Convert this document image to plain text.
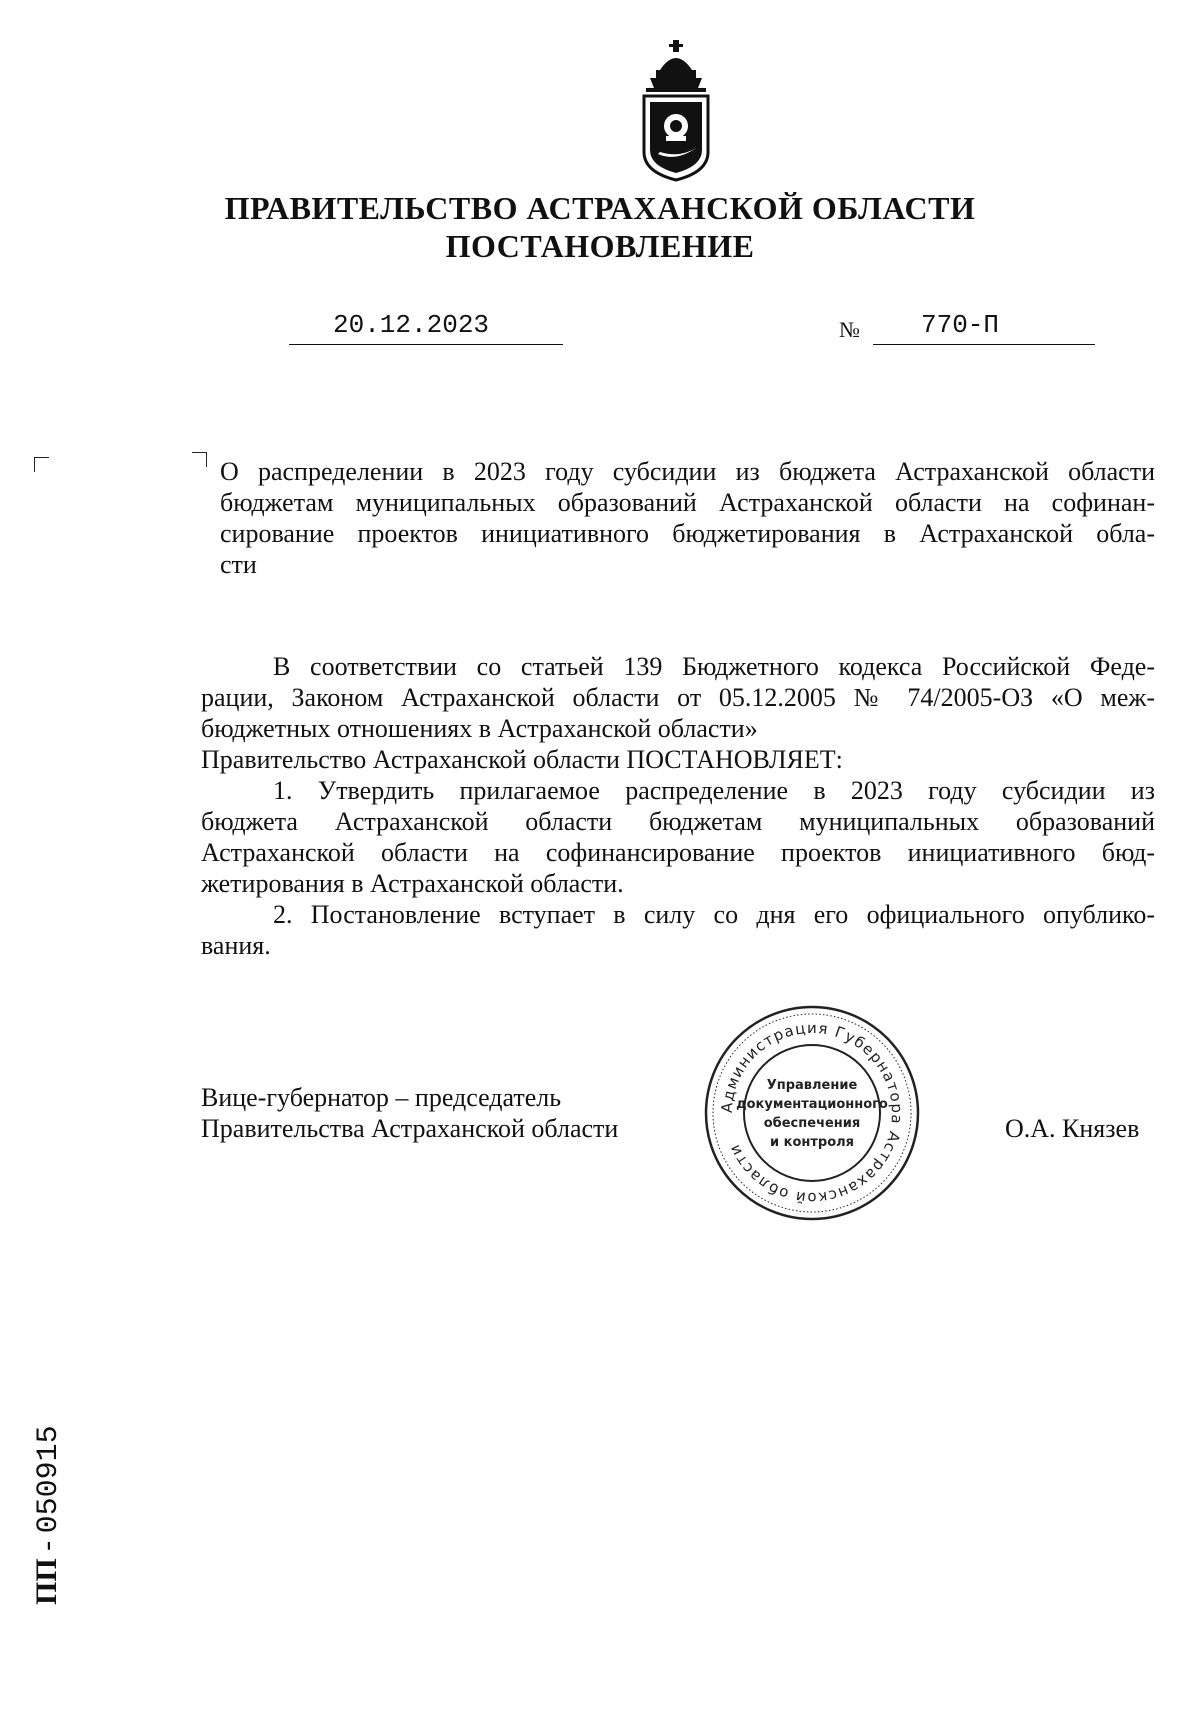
ПРАВИТЕЛЬСТВО АСТРАХАНСКОЙ ОБЛАСТИ
ПОСТАНОВЛЕНИЕ
20.12.2023	№ 770-П
О распределении в 2023 году субсидии из бюджета Астраханской области
бюджетам муниципальных образований Астраханской области на софинан-
сирование проектов инициативного бюджетирования в Астраханской обла-
сти
В соответствии со статьей 139 Бюджетного кодекса Российской Феде-
рации, Законом Астраханской области от 05.12.2005 № 74/2005-ОЗ «О меж-
бюджетных отношениях в Астраханской области»
Правительство Астраханской области ПОСТАНОВЛЯЕТ:
1. Утвердить прилагаемое распределение в 2023 году субсидии из
бюджета Астраханской области бюджетам муниципальных образований
Астраханской области на софинансирование проектов инициативного бюд-
жетирования в Астраханской области.
2. Постановление вступает в силу со дня его официального опублико-
вания.
Вице-губернатор – председатель
Правительства Астраханской области	О.А. Князев
Администрация Губернатора Астраханской области
Управление
документационного
обеспечения
и контроля
ПП - 050915
